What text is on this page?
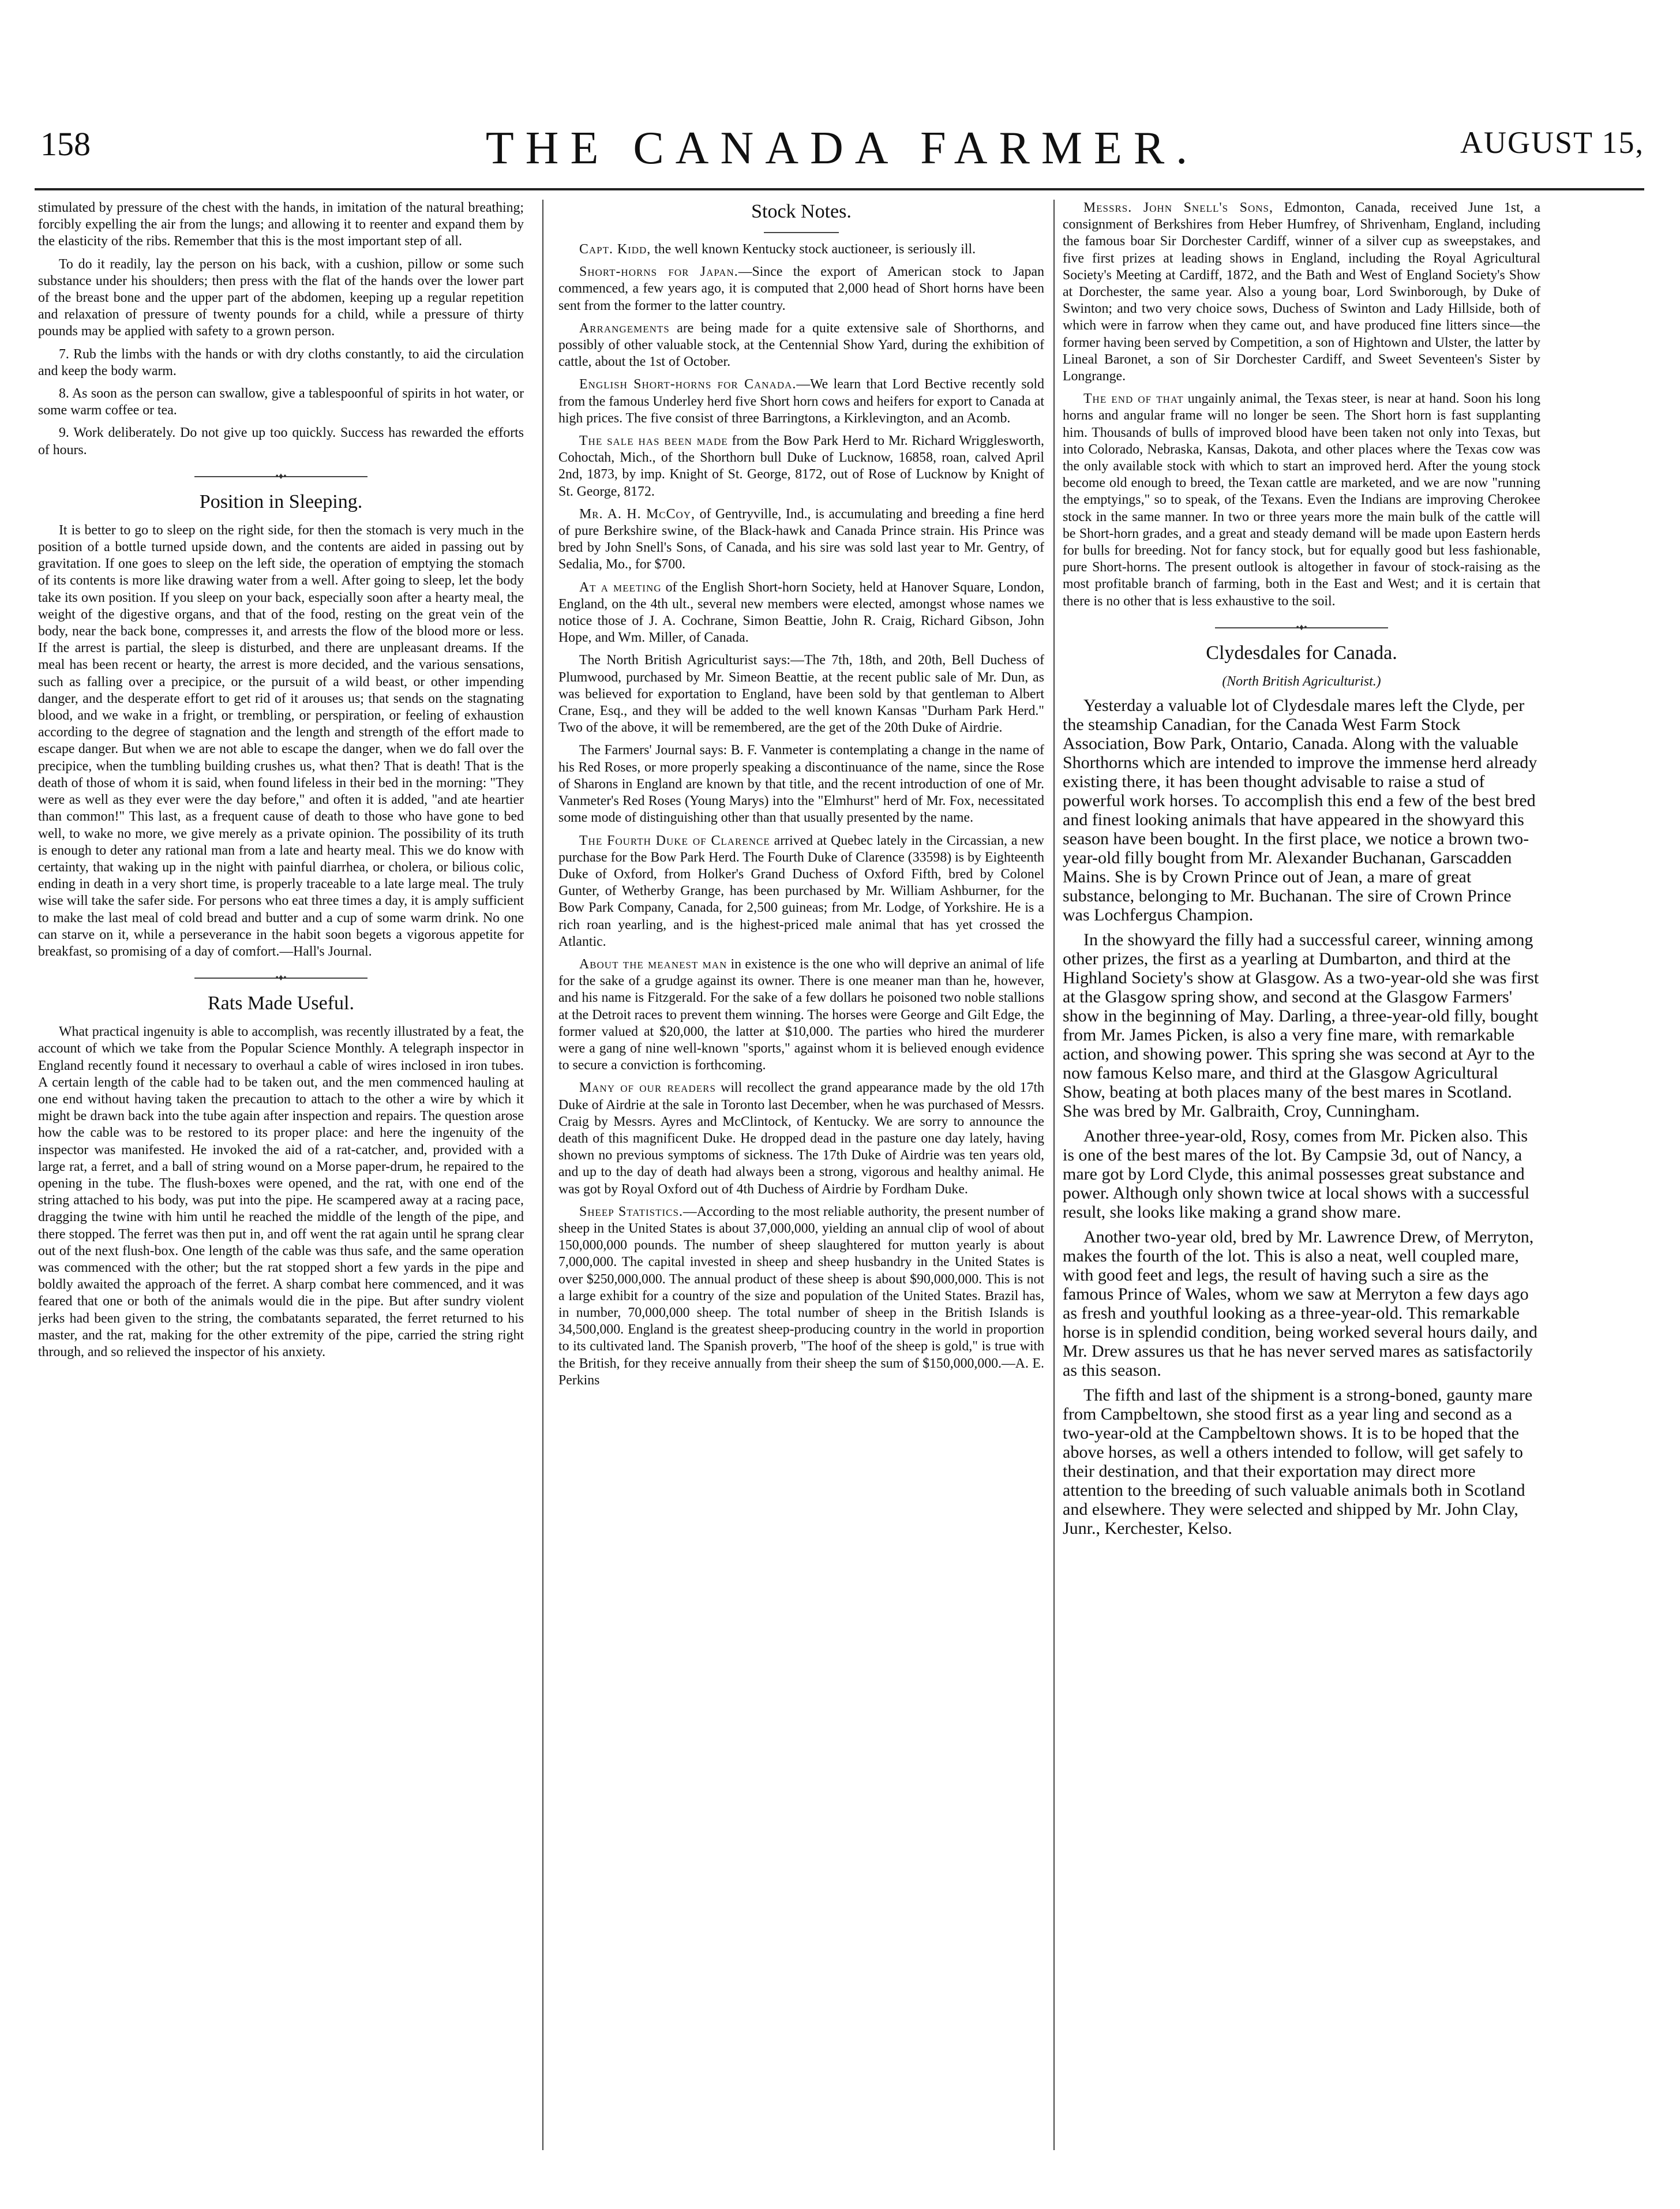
158	THE CANADA FARMER.	AUGUST 15,

stimulated by pressure of the chest with the hands, in imitation of the natural breathing; forcibly expelling the air from the lungs; and allowing it to reenter and expand them by the elasticity of the ribs. Remember that this is the most important step of all.

To do it readily, lay the person on his back, with a cushion, pillow or some such substance under his shoulders; then press with the flat of the hands over the lower part of the breast bone and the upper part of the abdomen, keeping up a regular repetition and relaxation of pressure of twenty pounds for a child, while a pressure of thirty pounds may be applied with safety to a grown person.

7. Rub the limbs with the hands or with dry cloths constantly, to aid the circulation and keep the body warm.

8. As soon as the person can swallow, give a tablespoonful of spirits in hot water, or some warm coffee or tea.

9. Work deliberately. Do not give up too quickly. Success has rewarded the efforts of hours.

•♦•
Position in Sleeping.

It is better to go to sleep on the right side, for then the stomach is very much in the position of a bottle turned upside down, and the contents are aided in passing out by gravitation. If one goes to sleep on the left side, the operation of emptying the stomach of its contents is more like drawing water from a well. After going to sleep, let the body take its own position. If you sleep on your back, especially soon after a hearty meal, the weight of the digestive organs, and that of the food, resting on the great vein of the body, near the back bone, compresses it, and arrests the flow of the blood more or less. If the arrest is partial, the sleep is disturbed, and there are unpleasant dreams. If the meal has been recent or hearty, the arrest is more decided, and the various sensations, such as falling over a precipice, or the pursuit of a wild beast, or other impending danger, and the desperate effort to get rid of it arouses us; that sends on the stagnating blood, and we wake in a fright, or trembling, or perspiration, or feeling of exhaustion according to the degree of stagnation and the length and strength of the effort made to escape danger. But when we are not able to escape the danger, when we do fall over the precipice, when the tumbling building crushes us, what then? That is death! That is the death of those of whom it is said, when found lifeless in their bed in the morning: "They were as well as they ever were the day before," and often it is added, "and ate heartier than common!" This last, as a frequent cause of death to those who have gone to bed well, to wake no more, we give merely as a private opinion. The possibility of its truth is enough to deter any rational man from a late and hearty meal. This we do know with certainty, that waking up in the night with painful diarrhea, or cholera, or bilious colic, ending in death in a very short time, is properly traceable to a late large meal. The truly wise will take the safer side. For persons who eat three times a day, it is amply sufficient to make the last meal of cold bread and butter and a cup of some warm drink. No one can starve on it, while a perseverance in the habit soon begets a vigorous appetite for breakfast, so promising of a day of comfort.—Hall's Journal.

•♦•
Rats Made Useful.

What practical ingenuity is able to accomplish, was recently illustrated by a feat, the account of which we take from the Popular Science Monthly. A telegraph inspector in England recently found it necessary to overhaul a cable of wires inclosed in iron tubes. A certain length of the cable had to be taken out, and the men commenced hauling at one end without having taken the precaution to attach to the other a wire by which it might be drawn back into the tube again after inspection and repairs. The question arose how the cable was to be restored to its proper place: and here the ingenuity of the inspector was manifested. He invoked the aid of a rat-catcher, and, provided with a large rat, a ferret, and a ball of string wound on a Morse paper-drum, he repaired to the opening in the tube. The flush-boxes were opened, and the rat, with one end of the string attached to his body, was put into the pipe. He scampered away at a racing pace, dragging the twine with him until he reached the middle of the length of the pipe, and there stopped. The ferret was then put in, and off went the rat again until he sprang clear out of the next flush-box. One length of the cable was thus safe, and the same operation was commenced with the other; but the rat stopped short a few yards in the pipe and boldly awaited the approach of the ferret. A sharp combat here commenced, and it was feared that one or both of the animals would die in the pipe. But after sundry violent jerks had been given to the string, the combatants separated, the ferret returned to his master, and the rat, making for the other extremity of the pipe, carried the string right through, and so relieved the inspector of his anxiety.

Stock Notes.

Capt. Kidd, the well known Kentucky stock auctioneer, is seriously ill.

Short-horns for Japan.—Since the export of American stock to Japan commenced, a few years ago, it is computed that 2,000 head of Short horns have been sent from the former to the latter country.

Arrangements are being made for a quite extensive sale of Shorthorns, and possibly of other valuable stock, at the Centennial Show Yard, during the exhibition of cattle, about the 1st of October.

English Short-horns for Canada.—We learn that Lord Bective recently sold from the famous Underley herd five Short horn cows and heifers for export to Canada at high prices. The five consist of three Barringtons, a Kirklevington, and an Acomb.

The sale has been made from the Bow Park Herd to Mr. Richard Wrigglesworth, Cohoctah, Mich., of the Shorthorn bull Duke of Lucknow, 16858, roan, calved April 2nd, 1873, by imp. Knight of St. George, 8172, out of Rose of Lucknow by Knight of St. George, 8172.

Mr. A. H. McCoy, of Gentryville, Ind., is accumulating and breeding a fine herd of pure Berkshire swine, of the Black-hawk and Canada Prince strain. His Prince was bred by John Snell's Sons, of Canada, and his sire was sold last year to Mr. Gentry, of Sedalia, Mo., for $700.

At a meeting of the English Short-horn Society, held at Hanover Square, London, England, on the 4th ult., several new members were elected, amongst whose names we notice those of J. A. Cochrane, Simon Beattie, John R. Craig, Richard Gibson, John Hope, and Wm. Miller, of Canada.

The North British Agriculturist says:—The 7th, 18th, and 20th, Bell Duchess of Plumwood, purchased by Mr. Simeon Beattie, at the recent public sale of Mr. Dun, as was believed for exportation to England, have been sold by that gentleman to Albert Crane, Esq., and they will be added to the well known Kansas "Durham Park Herd." Two of the above, it will be remembered, are the get of the 20th Duke of Airdrie.

The Farmers' Journal says: B. F. Vanmeter is contemplating a change in the name of his Red Roses, or more properly speaking a discontinuance of the name, since the Rose of Sharons in England are known by that title, and the recent introduction of one of Mr. Vanmeter's Red Roses (Young Marys) into the "Elmhurst" herd of Mr. Fox, necessitated some mode of distinguishing other than that usually presented by the name.

The Fourth Duke of Clarence arrived at Quebec lately in the Circassian, a new purchase for the Bow Park Herd. The Fourth Duke of Clarence (33598) is by Eighteenth Duke of Oxford, from Holker's Grand Duchess of Oxford Fifth, bred by Colonel Gunter, of Wetherby Grange, has been purchased by Mr. William Ashburner, for the Bow Park Company, Canada, for 2,500 guineas; from Mr. Lodge, of Yorkshire. He is a rich roan yearling, and is the highest-priced male animal that has yet crossed the Atlantic.

About the meanest man in existence is the one who will deprive an animal of life for the sake of a grudge against its owner. There is one meaner man than he, however, and his name is Fitzgerald. For the sake of a few dollars he poisoned two noble stallions at the Detroit races to prevent them winning. The horses were George and Gilt Edge, the former valued at $20,000, the latter at $10,000. The parties who hired the murderer were a gang of nine well-known "sports," against whom it is believed enough evidence to secure a conviction is forthcoming.

Many of our readers will recollect the grand appearance made by the old 17th Duke of Airdrie at the sale in Toronto last December, when he was purchased of Messrs. Craig by Messrs. Ayres and McClintock, of Kentucky. We are sorry to announce the death of this magnificent Duke. He dropped dead in the pasture one day lately, having shown no previous symptoms of sickness. The 17th Duke of Airdrie was ten years old, and up to the day of death had always been a strong, vigorous and healthy animal. He was got by Royal Oxford out of 4th Duchess of Airdrie by Fordham Duke.

Sheep Statistics.—According to the most reliable authority, the present number of sheep in the United States is about 37,000,000, yielding an annual clip of wool of about 150,000,000 pounds. The number of sheep slaughtered for mutton yearly is about 7,000,000. The capital invested in sheep and sheep husbandry in the United States is over $250,000,000. The annual product of these sheep is about $90,000,000. This is not a large exhibit for a country of the size and population of the United States. Brazil has, in number, 70,000,000 sheep. The total number of sheep in the British Islands is 34,500,000. England is the greatest sheep-producing country in the world in proportion to its cultivated land. The Spanish proverb, "The hoof of the sheep is gold," is true with the British, for they receive annually from their sheep the sum of $150,000,000.—A. E. Perkins

Messrs. John Snell's Sons, Edmonton, Canada, received June 1st, a consignment of Berkshires from Heber Humfrey, of Shrivenham, England, including the famous boar Sir Dorchester Cardiff, winner of a silver cup as sweepstakes, and five first prizes at leading shows in England, including the Royal Agricultural Society's Meeting at Cardiff, 1872, and the Bath and West of England Society's Show at Dorchester, the same year. Also a young boar, Lord Swinborough, by Duke of Swinton; and two very choice sows, Duchess of Swinton and Lady Hillside, both of which were in farrow when they came out, and have produced fine litters since—the former having been served by Competition, a son of Hightown and Ulster, the latter by Lineal Baronet, a son of Sir Dorchester Cardiff, and Sweet Seventeen's Sister by Longrange.

The end of that ungainly animal, the Texas steer, is near at hand. Soon his long horns and angular frame will no longer be seen. The Short horn is fast supplanting him. Thousands of bulls of improved blood have been taken not only into Texas, but into Colorado, Nebraska, Kansas, Dakota, and other places where the Texas cow was the only available stock with which to start an improved herd. After the young stock become old enough to breed, the Texan cattle are marketed, and we are now "running the emptyings," so to speak, of the Texans. Even the Indians are improving Cherokee stock in the same manner. In two or three years more the main bulk of the cattle will be Short-horn grades, and a great and steady demand will be made upon Eastern herds for bulls for breeding. Not for fancy stock, but for equally good but less fashionable, pure Short-horns. The present outlook is altogether in favour of stock-raising as the most profitable branch of farming, both in the East and West; and it is certain that there is no other that is less exhaustive to the soil.

•♦•
Clydesdales for Canada.
(North British Agriculturist.)

Yesterday a valuable lot of Clydesdale mares left the Clyde, per the steamship Canadian, for the Canada West Farm Stock Association, Bow Park, Ontario, Canada. Along with the valuable Shorthorns which are intended to improve the immense herd already existing there, it has been thought advisable to raise a stud of powerful work horses. To accomplish this end a few of the best bred and finest looking animals that have appeared in the showyard this season have been bought. In the first place, we notice a brown two-year-old filly bought from Mr. Alexander Buchanan, Garscadden Mains. She is by Crown Prince out of Jean, a mare of great substance, belonging to Mr. Buchanan. The sire of Crown Prince was Lochfergus Champion.

In the showyard the filly had a successful career, winning among other prizes, the first as a yearling at Dumbarton, and third at the Highland Society's show at Glasgow. As a two-year-old she was first at the Glasgow spring show, and second at the Glasgow Farmers' show in the beginning of May. Darling, a three-year-old filly, bought from Mr. James Picken, is also a very fine mare, with remarkable action, and showing power. This spring she was second at Ayr to the now famous Kelso mare, and third at the Glasgow Agricultural Show, beating at both places many of the best mares in Scotland. She was bred by Mr. Galbraith, Croy, Cunningham.

Another three-year-old, Rosy, comes from Mr. Picken also. This is one of the best mares of the lot. By Campsie 3d, out of Nancy, a mare got by Lord Clyde, this animal possesses great substance and power. Although only shown twice at local shows with a successful result, she looks like making a grand show mare.

Another two-year old, bred by Mr. Lawrence Drew, of Merryton, makes the fourth of the lot. This is also a neat, well coupled mare, with good feet and legs, the result of having such a sire as the famous Prince of Wales, whom we saw at Merryton a few days ago as fresh and youthful looking as a three-year-old. This remarkable horse is in splendid condition, being worked several hours daily, and Mr. Drew assures us that he has never served mares as satisfactorily as this season.

The fifth and last of the shipment is a strong-boned, gaunty mare from Campbeltown, she stood first as a year ling and second as a two-year-old at the Campbeltown shows. It is to be hoped that the above horses, as well a others intended to follow, will get safely to their destination, and that their exportation may direct more attention to the breeding of such valuable animals both in Scotland and elsewhere. They were selected and shipped by Mr. John Clay, Junr., Kerchester, Kelso.
